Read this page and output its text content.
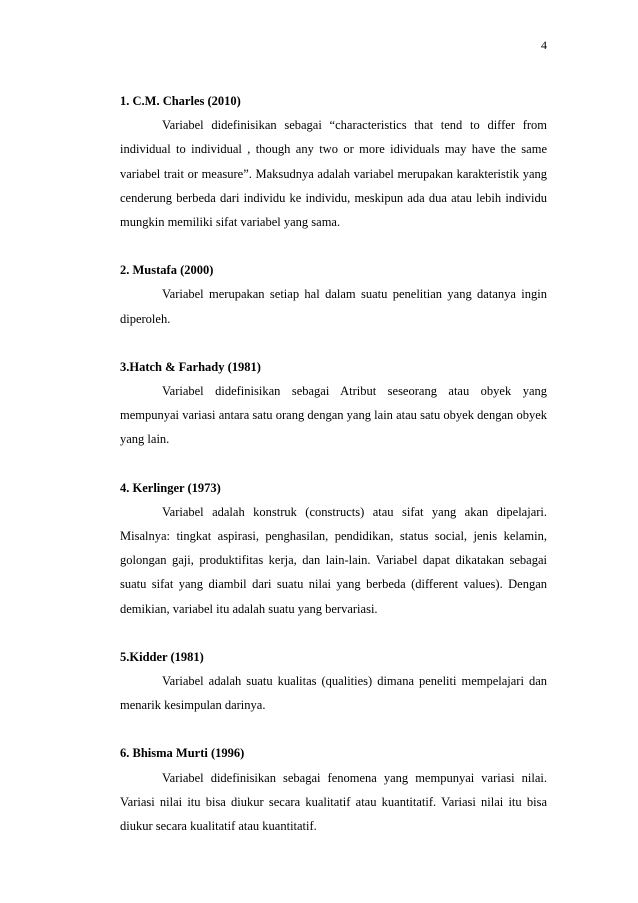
4

1. C.M. Charles (2010)

Variabel didefinisikan sebagai “characteristics that tend to differ from individual to individual , though any two or more idividuals may have the same variabel trait or measure”. Maksudnya adalah variabel merupakan karakteristik yang cenderung berbeda dari individu ke individu, meskipun ada dua atau lebih individu mungkin memiliki sifat variabel yang sama.

2. Mustafa (2000)

Variabel merupakan setiap hal dalam suatu penelitian yang datanya ingin diperoleh.

3.Hatch & Farhady (1981)

Variabel didefinisikan sebagai Atribut seseorang atau obyek yang mempunyai variasi antara satu orang dengan yang lain atau satu obyek dengan obyek yang lain.

4. Kerlinger (1973)

Variabel adalah konstruk (constructs) atau sifat yang akan dipelajari. Misalnya: tingkat aspirasi, penghasilan, pendidikan, status social, jenis kelamin, golongan gaji, produktifitas kerja, dan lain-lain. Variabel dapat dikatakan sebagai suatu sifat yang diambil dari suatu nilai yang berbeda (different values). Dengan demikian, variabel itu adalah suatu yang bervariasi.

5.Kidder (1981)

Variabel adalah suatu kualitas (qualities) dimana peneliti mempelajari dan menarik kesimpulan darinya.

6. Bhisma Murti (1996)

Variabel didefinisikan sebagai fenomena yang mempunyai variasi nilai. Variasi nilai itu bisa diukur secara kualitatif atau kuantitatif. Variasi nilai itu bisa diukur secara kualitatif atau kuantitatif.
